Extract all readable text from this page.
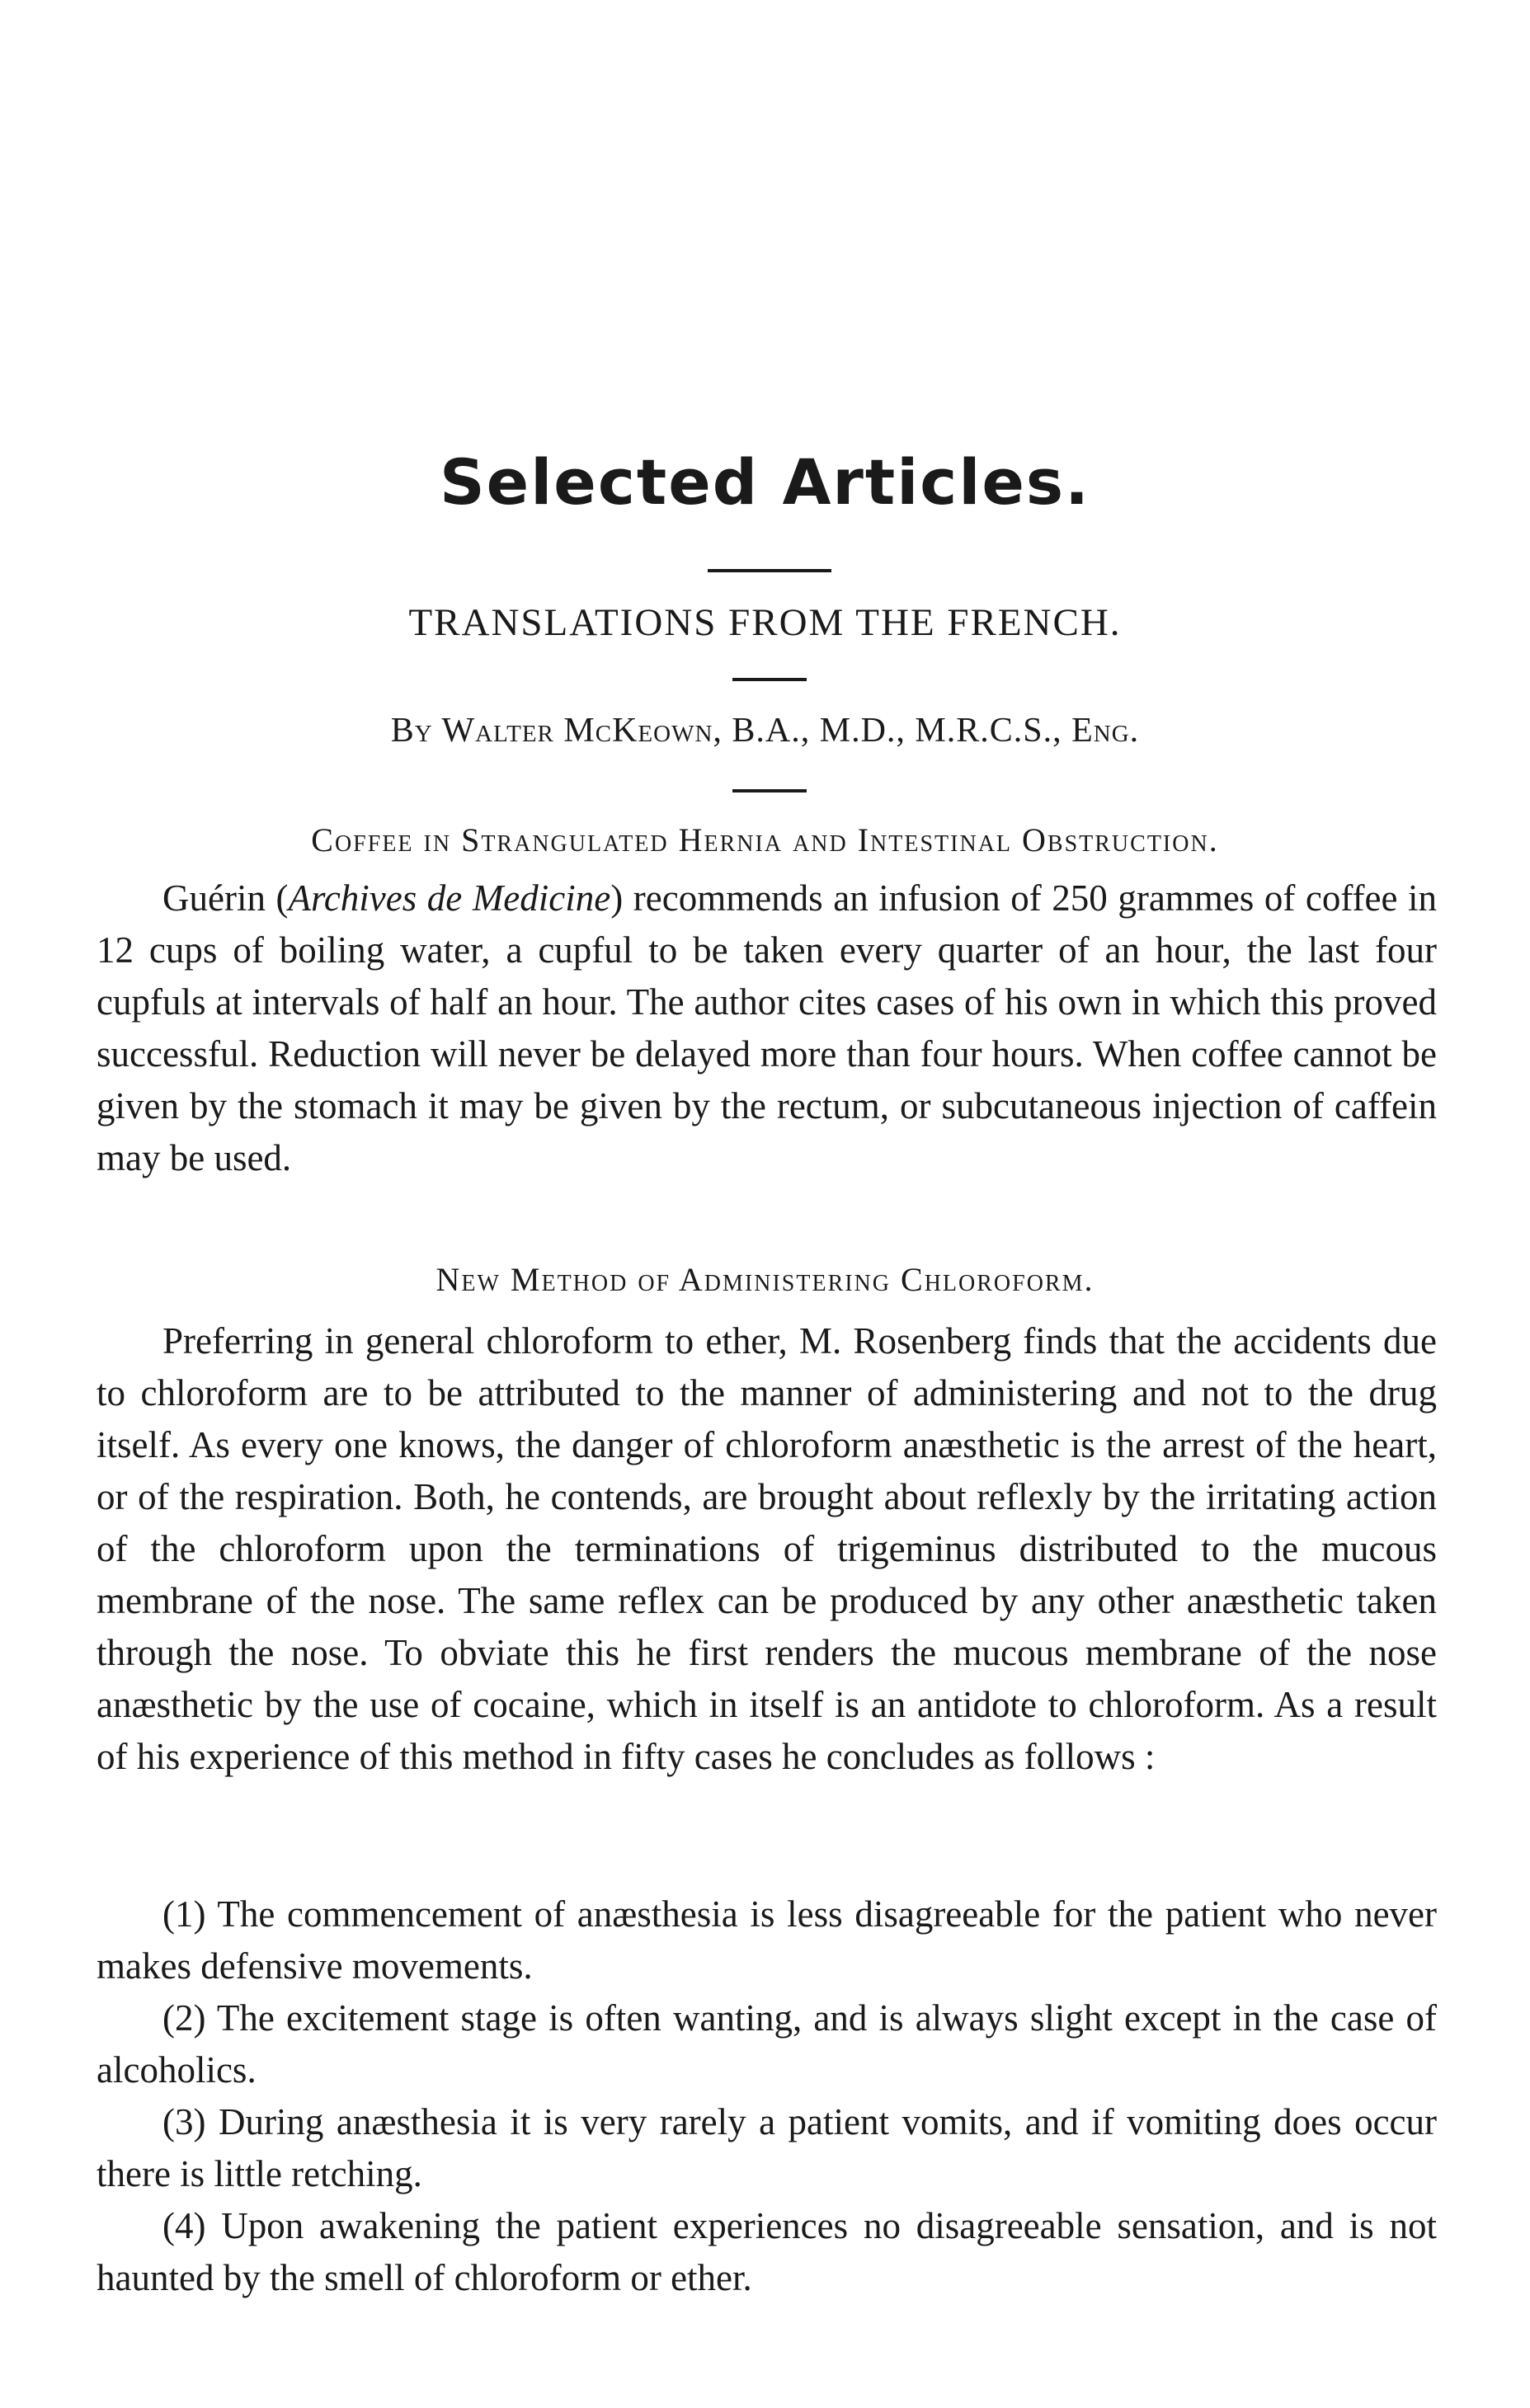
Selected Articles.
TRANSLATIONS FROM THE FRENCH.
By Walter McKeown, B.A., M.D., M.R.C.S., Eng.
Coffee in Strangulated Hernia and Intestinal Obstruction.

Guérin (Archives de Medicine) recommends an infusion of 250 grammes of coffee in 12 cups of boiling water, a cupful to be taken every quarter of an hour, the last four cupfuls at intervals of half an hour. The author cites cases of his own in which this proved successful. Reduction will never be delayed more than four hours. When coffee cannot be given by the stomach it may be given by the rectum, or subcutaneous injection of caffein may be used.

New Method of Administering Chloroform.

Preferring in general chloroform to ether, M. Rosenberg finds that the accidents due to chloroform are to be attributed to the manner of administering and not to the drug itself. As every one knows, the danger of chloroform anæsthetic is the arrest of the heart, or of the respiration. Both, he contends, are brought about reflexly by the irritating action of the chloroform upon the terminations of trigeminus distributed to the mucous membrane of the nose. The same reflex can be produced by any other anæsthetic taken through the nose. To obviate this he first renders the mucous membrane of the nose anæsthetic by the use of cocaine, which in itself is an antidote to chloroform. As a result of his experience of this method in fifty cases he concludes as follows :

(1) The commencement of anæsthesia is less disagreeable for the patient who never makes defensive movements.

(2) The excitement stage is often wanting, and is always slight except in the case of alcoholics.

(3) During anæsthesia it is very rarely a patient vomits, and if vomiting does occur there is little retching.

(4) Upon awakening the patient experiences no disagreeable sensation, and is not haunted by the smell of chloroform or ether.
